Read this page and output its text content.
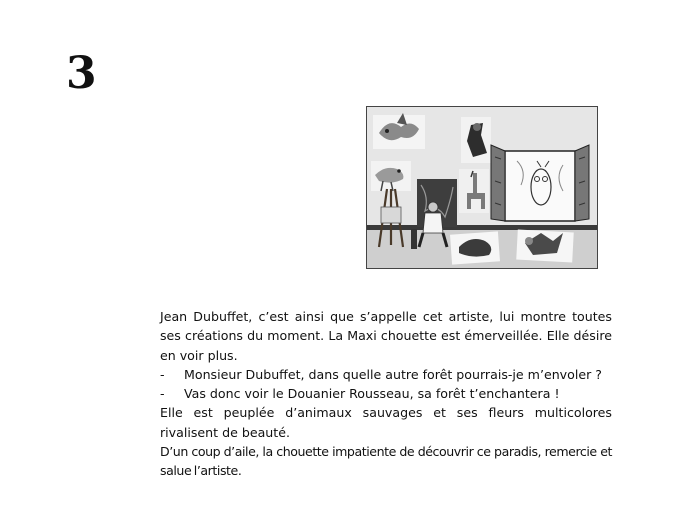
3

Jean Dubuffet, c’est ainsi que s’appelle cet artiste, lui montre toutes ses créations du moment. La Maxi chouette est émerveillée. Elle désire en voir plus.

-	Monsieur Dubuffet, dans quelle autre forêt pourrais-je m’envoler ?
-	Vas donc voir le Douanier Rousseau, sa forêt t’enchantera !

Elle est peuplée d’animaux sauvages et ses fleurs multicolores rivalisent de beauté.

D’un coup d’aile, la chouette impatiente de découvrir ce paradis, remercie et salue l’artiste.
